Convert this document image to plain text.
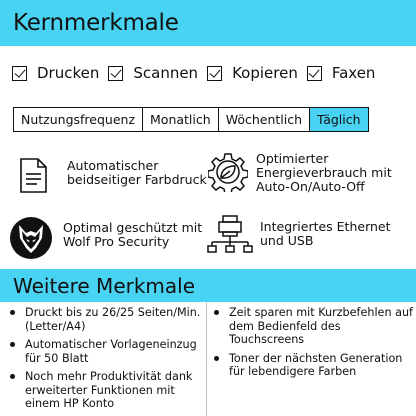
Kernmerkmale
Drucken Scannen Kopieren Faxen
Nutzungsfrequenz	Monatlich	Wöchentlich	Täglich
Automatischer
beidseitiger Farbdruck
Optimierter
Energieverbrauch mit
Auto-On/Auto-Off
Optimal geschützt mit
Wolf Pro Security
Integriertes Ethernet
und USB
Weitere Merkmale
Druckt bis zu 26/25 Seiten/Min.
(Letter/A4)
Automatischer Vorlageneinzug
für 50 Blatt
Noch mehr Produktivität dank
erweiterter Funktionen mit
einem HP Konto
Zeit sparen mit Kurzbefehlen auf
dem Bedienfeld des
Touchscreens
Toner der nächsten Generation
für lebendigere Farben
